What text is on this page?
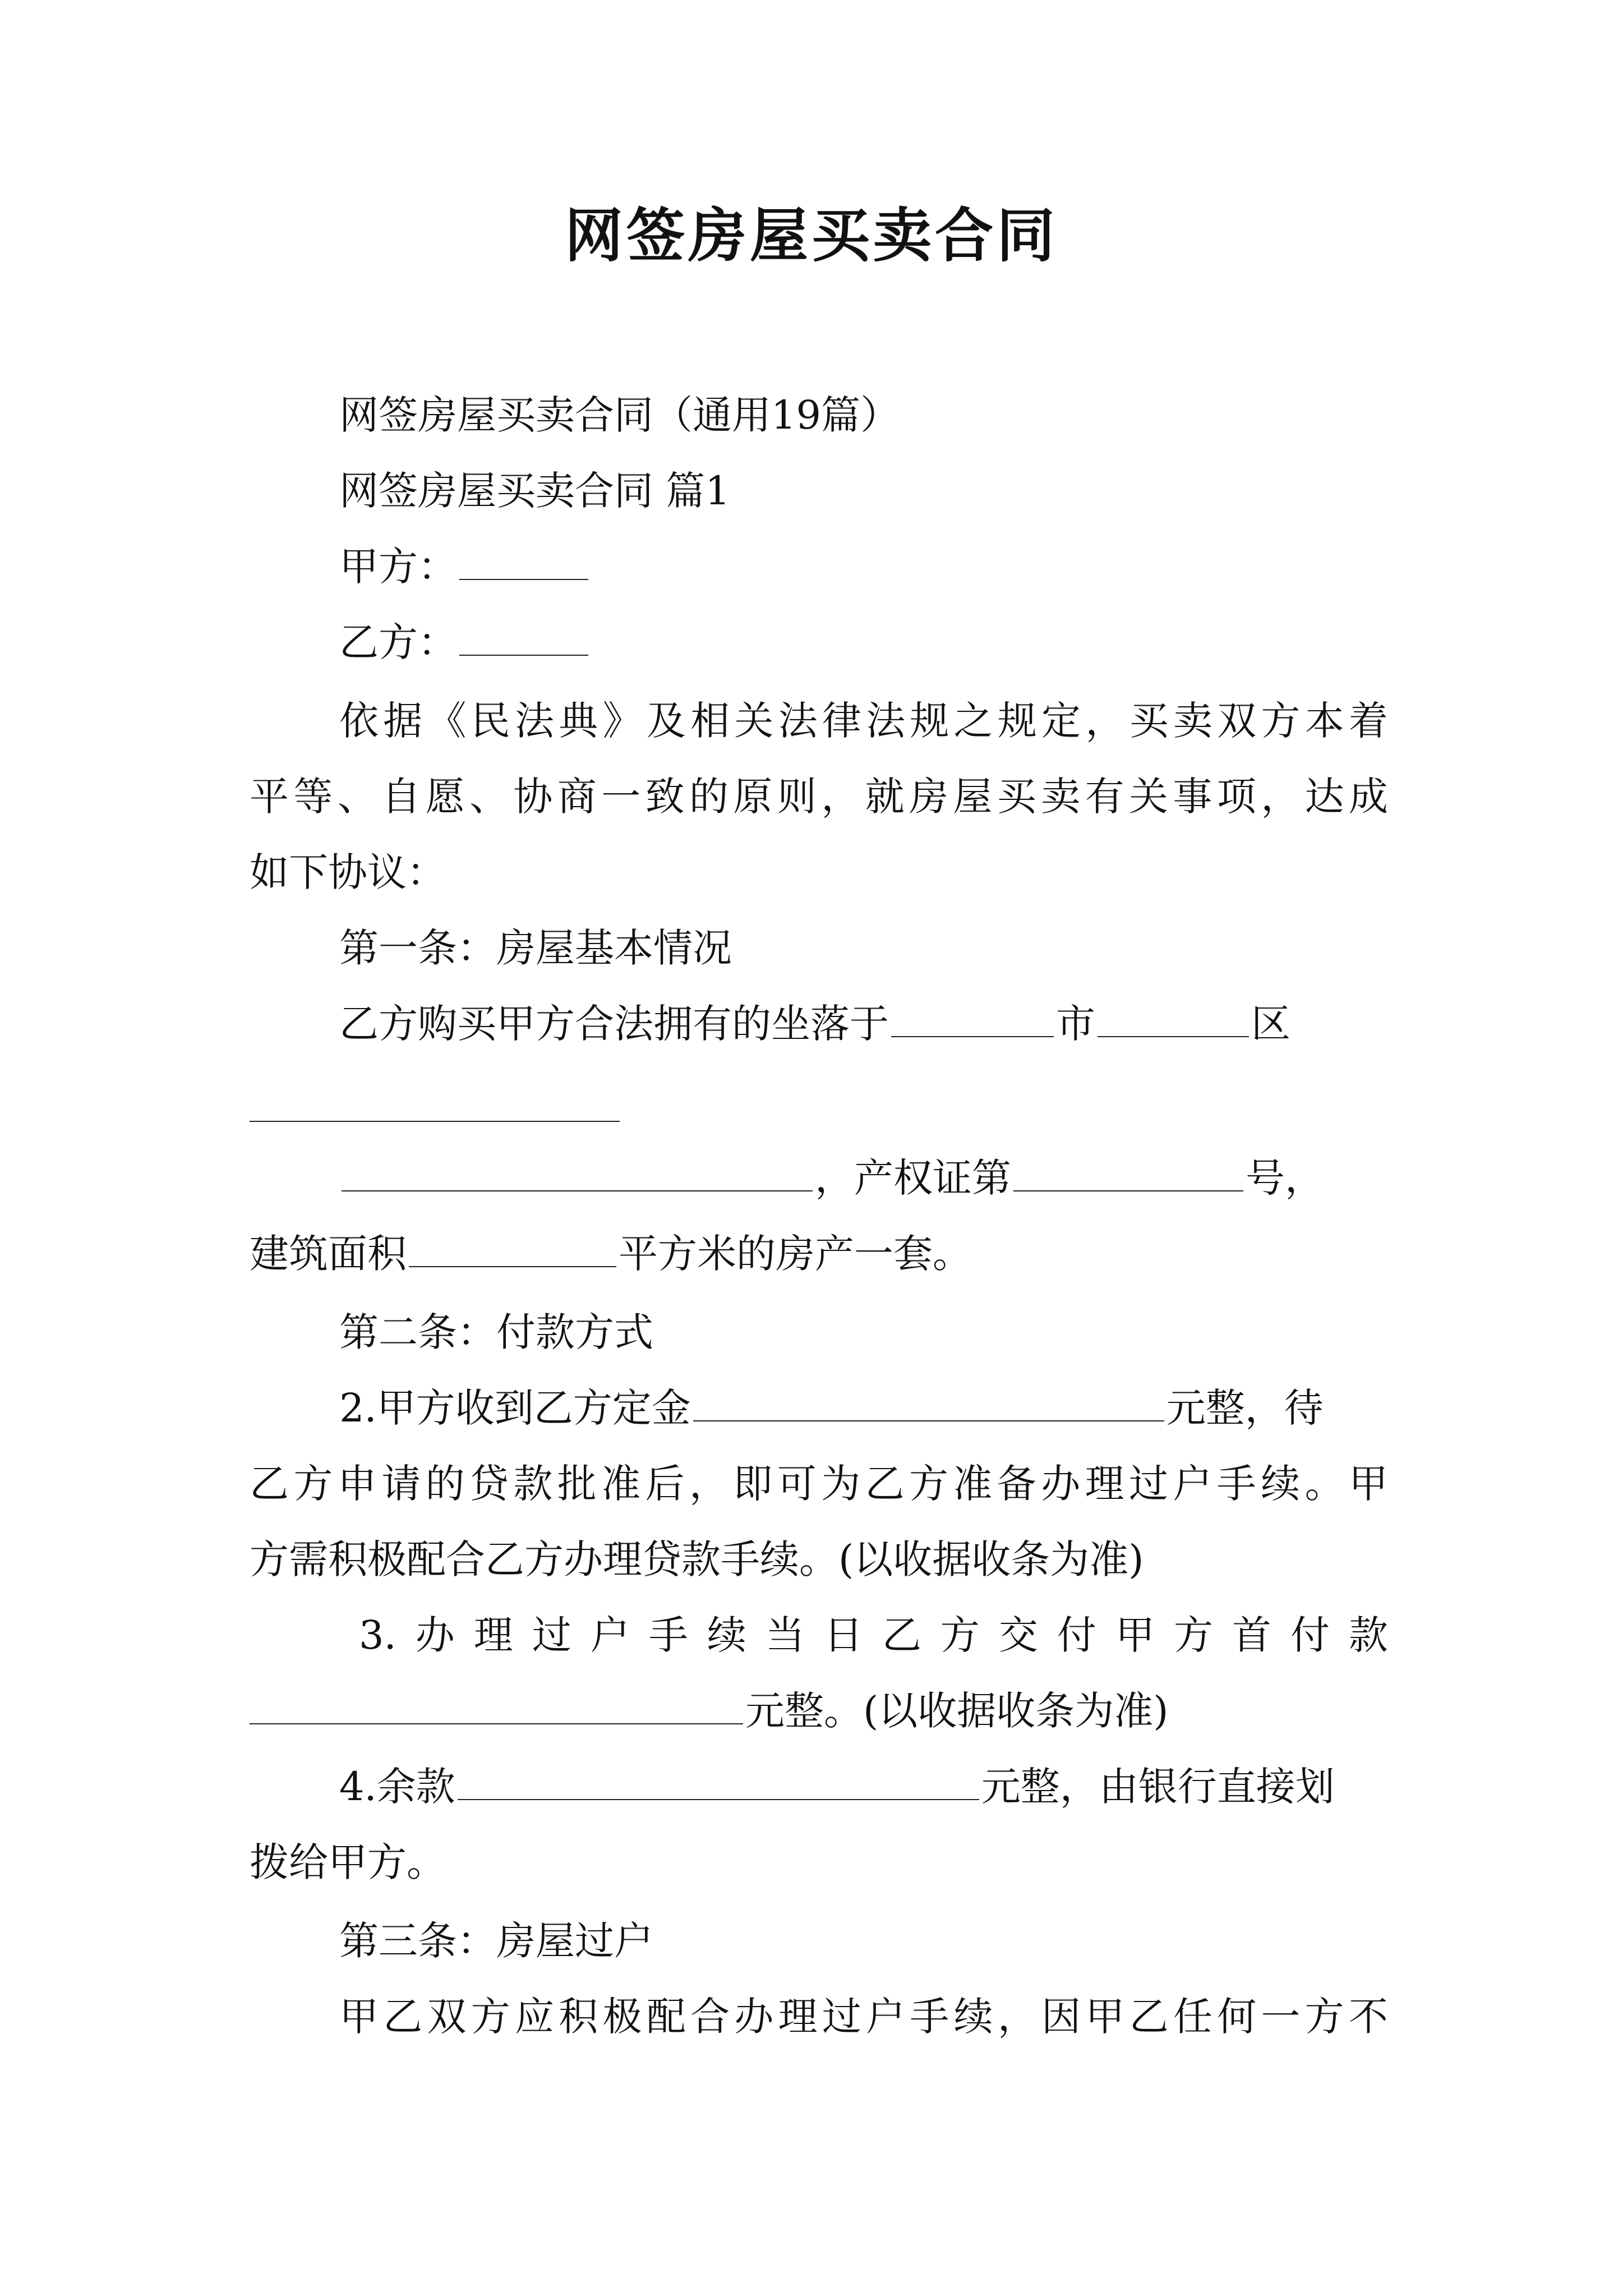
网签房屋买卖合同
网签房屋买卖合同（通用19篇）
网签房屋买卖合同 篇1
甲方：
乙方：
依据《民法典》及相关法律法规之规定，买卖双方本着
平等、自愿、协商一致的原则，就房屋买卖有关事项，达成
如下协议：
第一条：房屋基本情况
乙方购买甲方合法拥有的坐落于	市	区
，产权证第	号，
建筑面积	平方米的房产一套。
第二条：付款方式
2.甲方收到乙方定金	元整，待
乙方申请的贷款批准后，即可为乙方准备办理过户手续。甲
方需积极配合乙方办理贷款手续。(以收据收条为准)
3.办理过户手续当日乙方交付甲方首付款
元整。(以收据收条为准)
4.余款	元整，由银行直接划
拨给甲方。
第三条：房屋过户
甲乙双方应积极配合办理过户手续，因甲乙任何一方不
